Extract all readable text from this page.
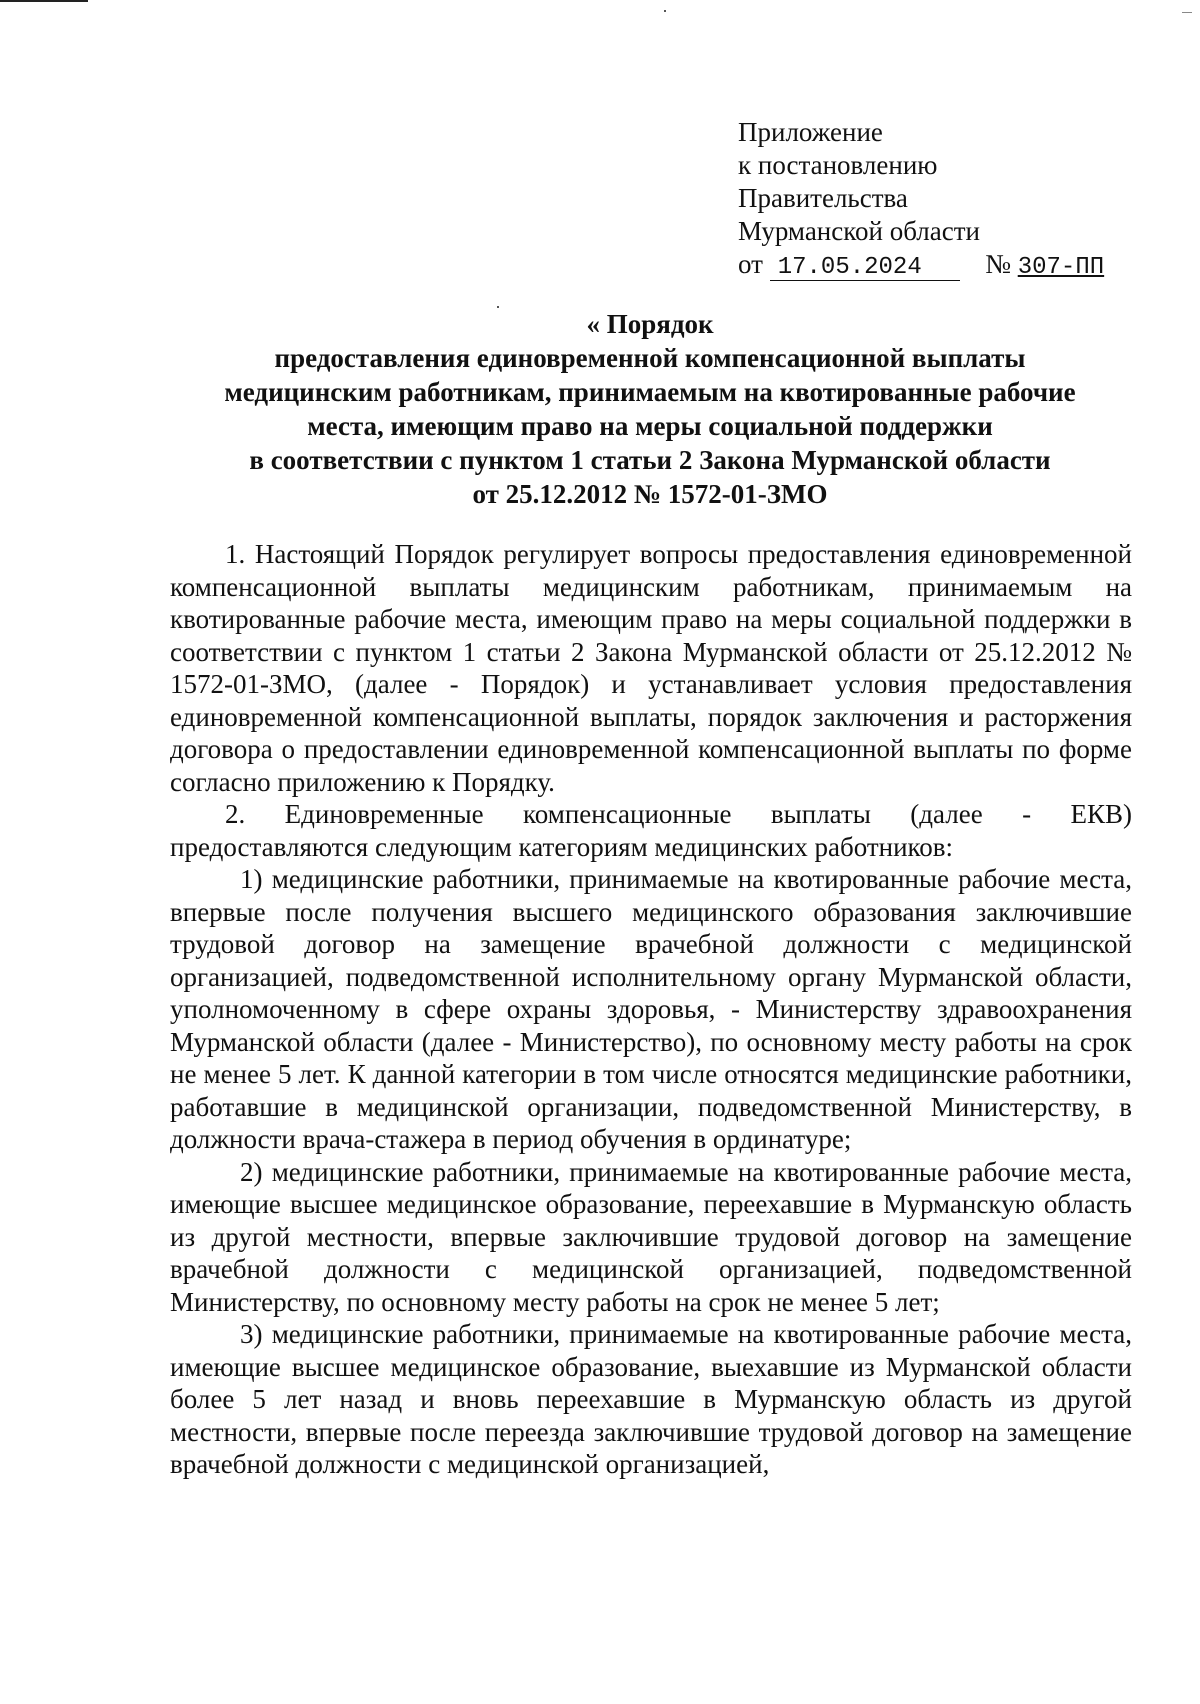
Приложение
к постановлению
Правительства
Мурманской области
от 17.05.2024 № 307-ПП
« Порядок
предоставления единовременной компенсационной выплаты
медицинским работникам, принимаемым на квотированные рабочие
места, имеющим право на меры социальной поддержки
в соответствии с пунктом 1 статьи 2 Закона Мурманской области
от 25.12.2012 № 1572-01-ЗМО

1. Настоящий Порядок регулирует вопросы предоставления единовременной компенсационной выплаты медицинским работникам, принимаемым на квотированные рабочие места, имеющим право на меры социальной поддержки в соответствии с пунктом 1 статьи 2 Закона Мурманской области от 25.12.2012 № 1572-01-ЗМО, (далее - Порядок) и устанавливает условия предоставления единовременной компенсационной выплаты, порядок заключения и расторжения договора о предоставлении единовременной компенсационной выплаты по форме согласно приложению к Порядку.

2. Единовременные компенсационные выплаты (далее - ЕКВ) предоставляются следующим категориям медицинских работников:

1) медицинские работники, принимаемые на квотированные рабочие места, впервые после получения высшего медицинского образования заключившие трудовой договор на замещение врачебной должности с медицинской организацией, подведомственной исполнительному органу Мурманской области, уполномоченному в сфере охраны здоровья, - Министерству здравоохранения Мурманской области (далее - Министерство), по основному месту работы на срок не менее 5 лет. К данной категории в том числе относятся медицинские работники, работавшие в медицинской организации, подведомственной Министерству, в должности врача-стажера в период обучения в ординатуре;

2) медицинские работники, принимаемые на квотированные рабочие места, имеющие высшее медицинское образование, переехавшие в Мурманскую область из другой местности, впервые заключившие трудовой договор на замещение врачебной должности с медицинской организацией, подведомственной Министерству, по основному месту работы на срок не менее 5 лет;

3) медицинские работники, принимаемые на квотированные рабочие места, имеющие высшее медицинское образование, выехавшие из Мурманской области более 5 лет назад и вновь переехавшие в Мурманскую область из другой местности, впервые после переезда заключившие трудовой договор на замещение врачебной должности с медицинской организацией,
